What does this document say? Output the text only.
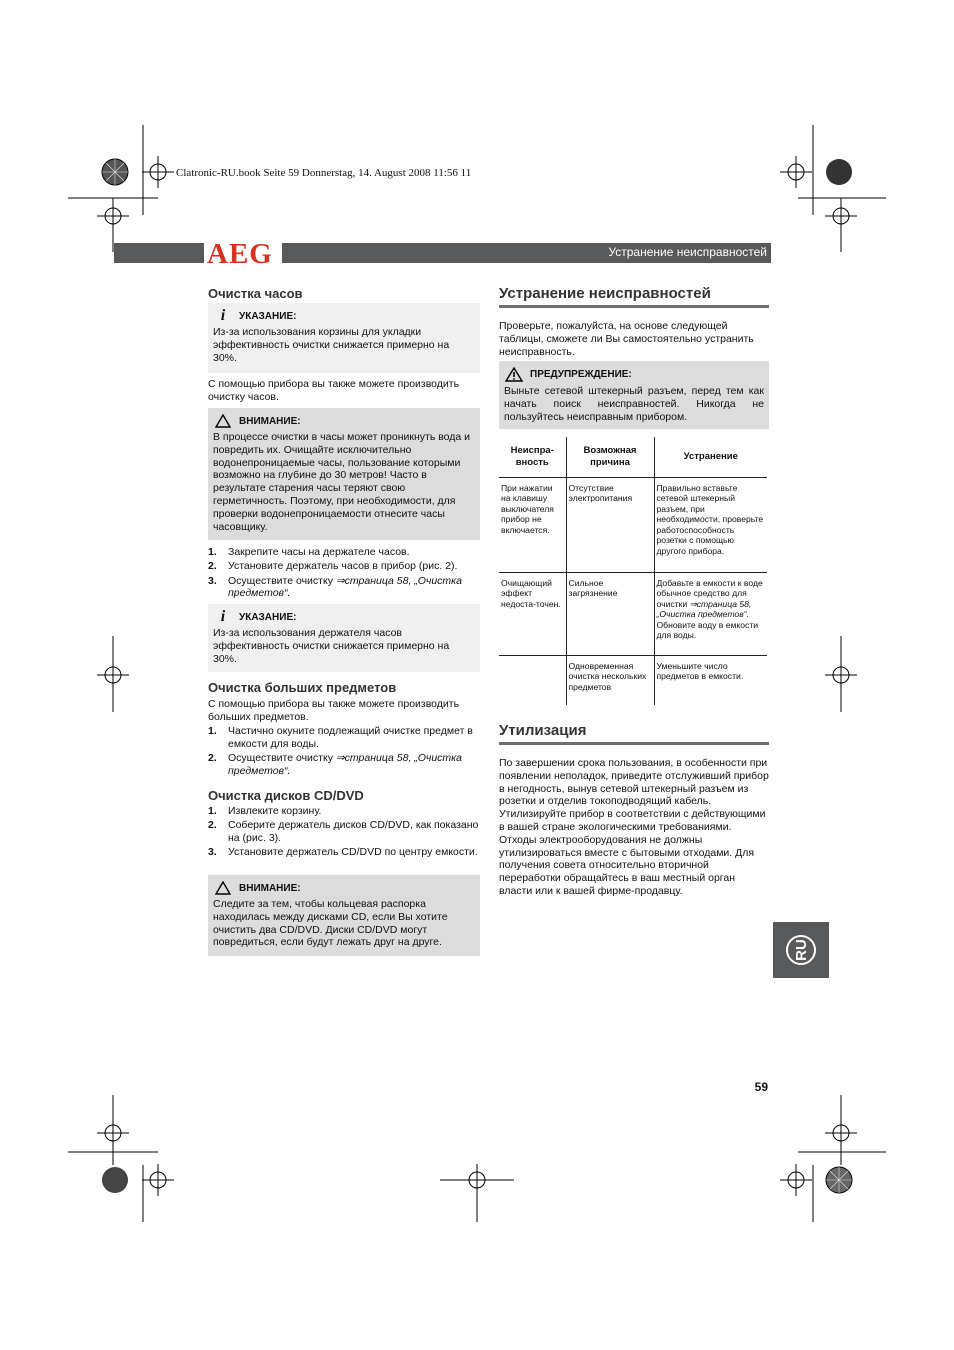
Clatronic-RU.book Seite 59 Donnerstag, 14. August 2008 11:56 11
Устранение неисправностей
AEG
Очистка часов
i УКАЗАНИЕ:
Из-за использования корзины для укладки эффективность очистки снижается примерно на 30%.
С помощью прибора вы также можете производить очистку часов.
ВНИМАНИЕ:
В процессе очистки в часы может проникнуть вода и повредить их. Очищайте исключительно водонепроницаемые часы, пользование которыми возможно на глубине до 30 метров! Часто в результате старения часы теряют свою герметичность. Поэтому, при необходимости, для проверки водонепроницаемости отнесите часы часовщику.
1.	Закрепите часы на держателе часов.
2.	Установите держатель часов в прибор (рис. 2).
3.	Осуществите очистку ⇒страница 58, „Очистка предметов“.
i УКАЗАНИЕ:
Из-за использования держателя часов эффективность очистки снижается примерно на 30%.
Очистка больших предметов
С помощью прибора вы также можете производить больших предметов.
1.	Частично окуните подлежащий очистке предмет в емкости для воды.
2.	Осуществите очистку ⇒страница 58, „Очистка предметов“.
Очистка дисков CD/DVD
1.	Извлеките корзину.
2.	Соберите держатель дисков CD/DVD, как показано на (рис. 3).
3.	Установите держатель CD/DVD по центру емкости.
ВНИМАНИЕ:
Следите за тем, чтобы кольцевая распорка находилась между дисками CD, если Вы хотите очистить два CD/DVD. Диски CD/DVD могут повредиться, если будут лежать друг на друге.
Устранение неисправностей
Проверьте, пожалуйста, на основе следующей таблицы, сможете ли Вы самостоятельно устранить неисправность.
ПРЕДУПРЕЖДЕНИЕ:
Выньте сетевой штекерный разъем, перед тем как начать поиск неисправностей. Никогда не пользуйтесь неисправным прибором.
Неиспра-вность	Возможная причина	Устранение
При нажатии на клавишу выключателя прибор не включается.	Отсутствие электропитания	Правильно вставьте сетевой штекерный разъем, при необходимости, проверьте работоспособность розетки с помощью другого прибора.
Очищающий эффект недоста-точен.	Сильное загрязнение	Добавьте в емкости к воде обычное средство для очистки ⇒страница 58, „Очистка предметов“. Обновите воду в емкости для воды.
	Одновременная очистка нескольких предметов	Уменьшите число предметов в емкости.
Утилизация
По завершении срока пользования, в особенности при появлении неполадок, приведите отслуживший прибор в негодность, вынув сетевой штекерный разъем из розетки и отделив токоподводящий кабель. Утилизируйте прибор в соответствии с действующими в вашей стране экологическими требованиями. Отходы электрооборудования не должны утилизироваться вместе с бытовыми отходами. Для получения совета относительно вторичной переработки обращайтесь в ваш местный орган власти или к вашей фирме-продавцу.
RU
59
